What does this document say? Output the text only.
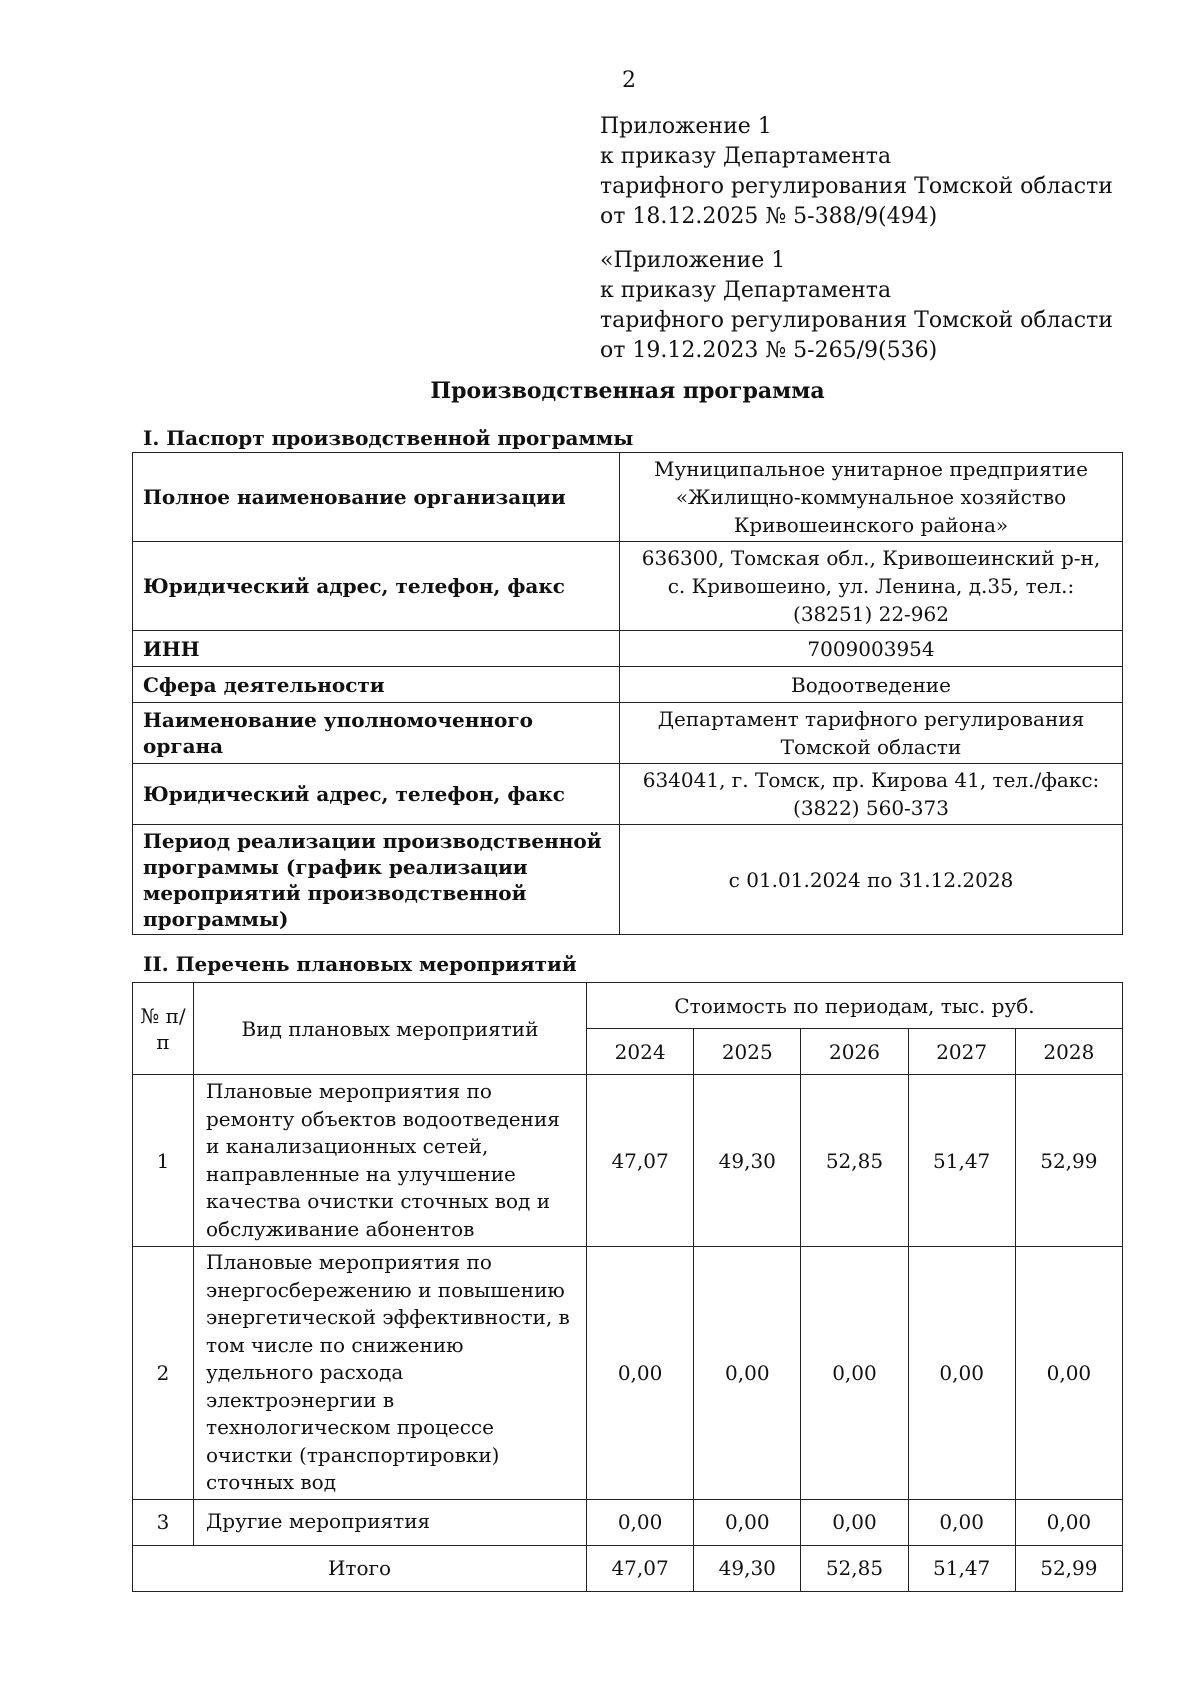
2
Приложение 1
к приказу Департамента
тарифного регулирования Томской области
от 18.12.2025 № 5-388/9(494)
«Приложение 1
к приказу Департамента
тарифного регулирования Томской области
от 19.12.2023 № 5-265/9(536)
Производственная программа
I. Паспорт производственной программы
Полное наименование организации	Муниципальное унитарное предприятие «Жилищно-коммунальное хозяйство Кривошеинского района»
Юридический адрес, телефон, факс	636300, Томская обл., Кривошеинский р-н, с. Кривошеино, ул. Ленина, д.35, тел.: (38251) 22-962
ИНН	7009003954
Сфера деятельности	Водоотведение
Наименование уполномоченного органа	Департамент тарифного регулирования Томской области
Юридический адрес, телефон, факс	634041, г. Томск, пр. Кирова 41, тел./факс: (3822) 560-373
Период реализации производственной программы (график реализации мероприятий производственной программы)	с 01.01.2024 по 31.12.2028
II. Перечень плановых мероприятий
№ п/п	Вид плановых мероприятий	Стоимость по периодам, тыс. руб.				
		2024	2025	2026	2027	2028
1	Плановые мероприятия по ремонту объектов водоотведения и канализационных сетей, направленные на улучшение качества очистки сточных вод и обслуживание абонентов	47,07	49,30	52,85	51,47	52,99
2	Плановые мероприятия по энергосбережению и повышению энергетической эффективности, в том числе по снижению удельного расхода электроэнергии в технологическом процессе очистки (транспортировки) сточных вод	0,00	0,00	0,00	0,00	0,00
3	Другие мероприятия	0,00	0,00	0,00	0,00	0,00
Итого		47,07	49,30	52,85	51,47	52,99
